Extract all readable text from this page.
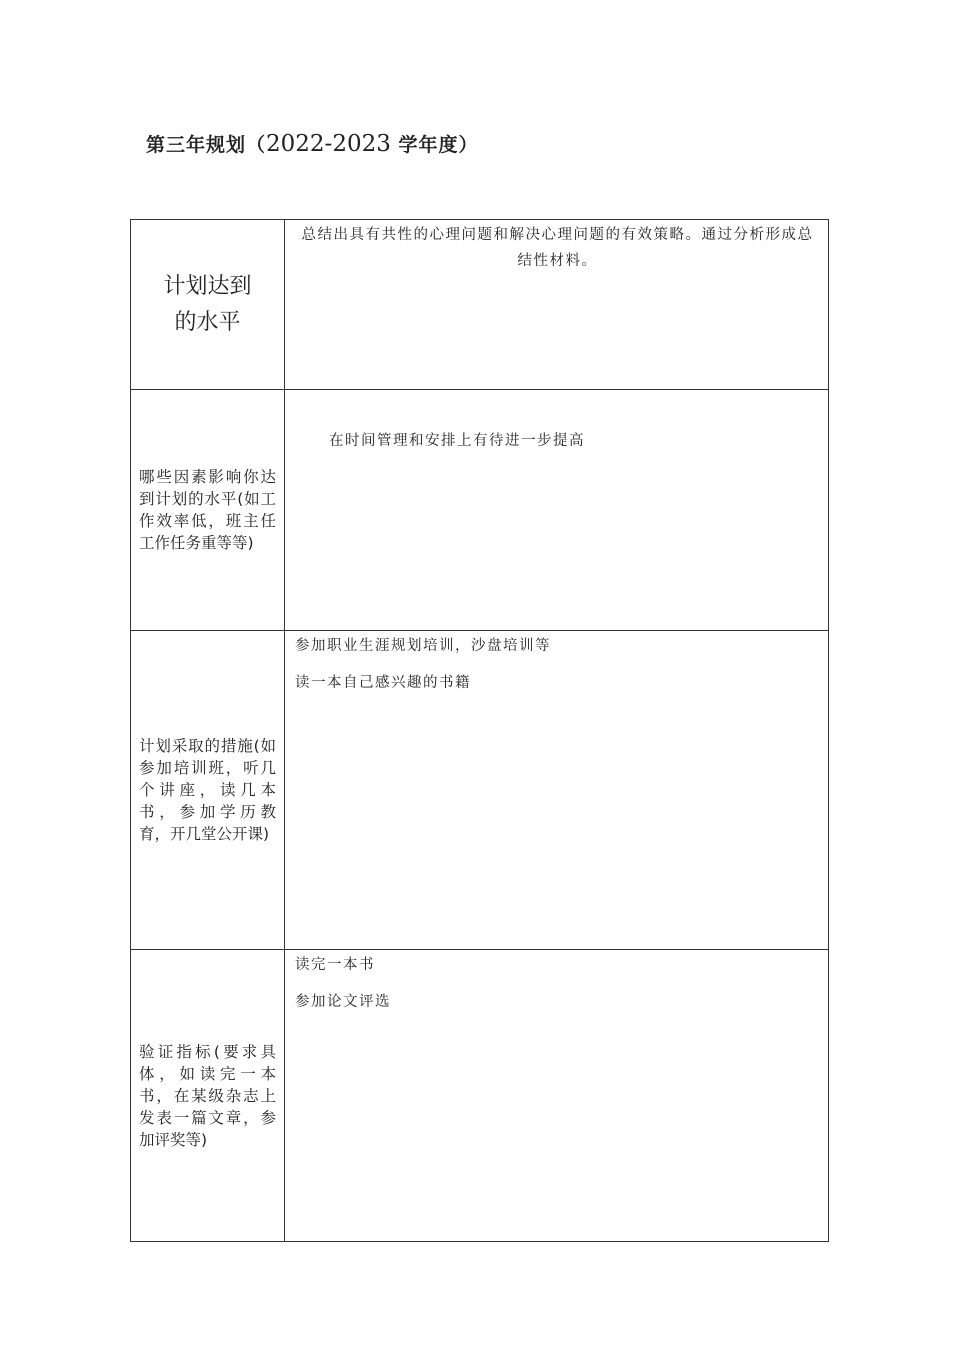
第三年规划（2022-2023 学年度）
计划达到
的水平	总结出具有共性的心理问题和解决心理问题的有效策略。通过分析形成总结性材料。

哪些因素影响你达到计划的水平(如工作效率低，班主任工作任务重等等)	在时间管理和安排上有待进一步提高

计划采取的措施(如参加培训班，听几个讲座，读几本书，参加学历教育，开几堂公开课)	参加职业生涯规划培训，沙盘培训等

读一本自己感兴趣的书籍

验证指标(要求具体，如读完一本书，在某级杂志上发表一篇文章，参加评奖等)	读完一本书

参加论文评选
